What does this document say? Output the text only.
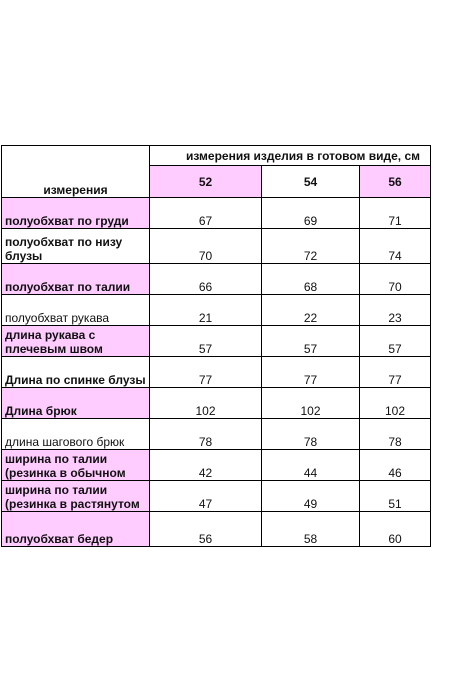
	измерения изделия в готовом виде, см		
измерения	52	54	56
полуобхват по груди	67	69	71
полуобхват по низу блузы	70	72	74
полуобхват по талии	66	68	70
полуобхват рукава	21	22	23
длина рукава с плечевым швом	57	57	57
Длина по спинке блузы	77	77	77
Длина брюк	102	102	102
длина шагового брюк	78	78	78
ширина по талии (резинка в обычном	42	44	46
ширина по талии (резинка в растянутом	47	49	51
полуобхват бедер	56	58	60
